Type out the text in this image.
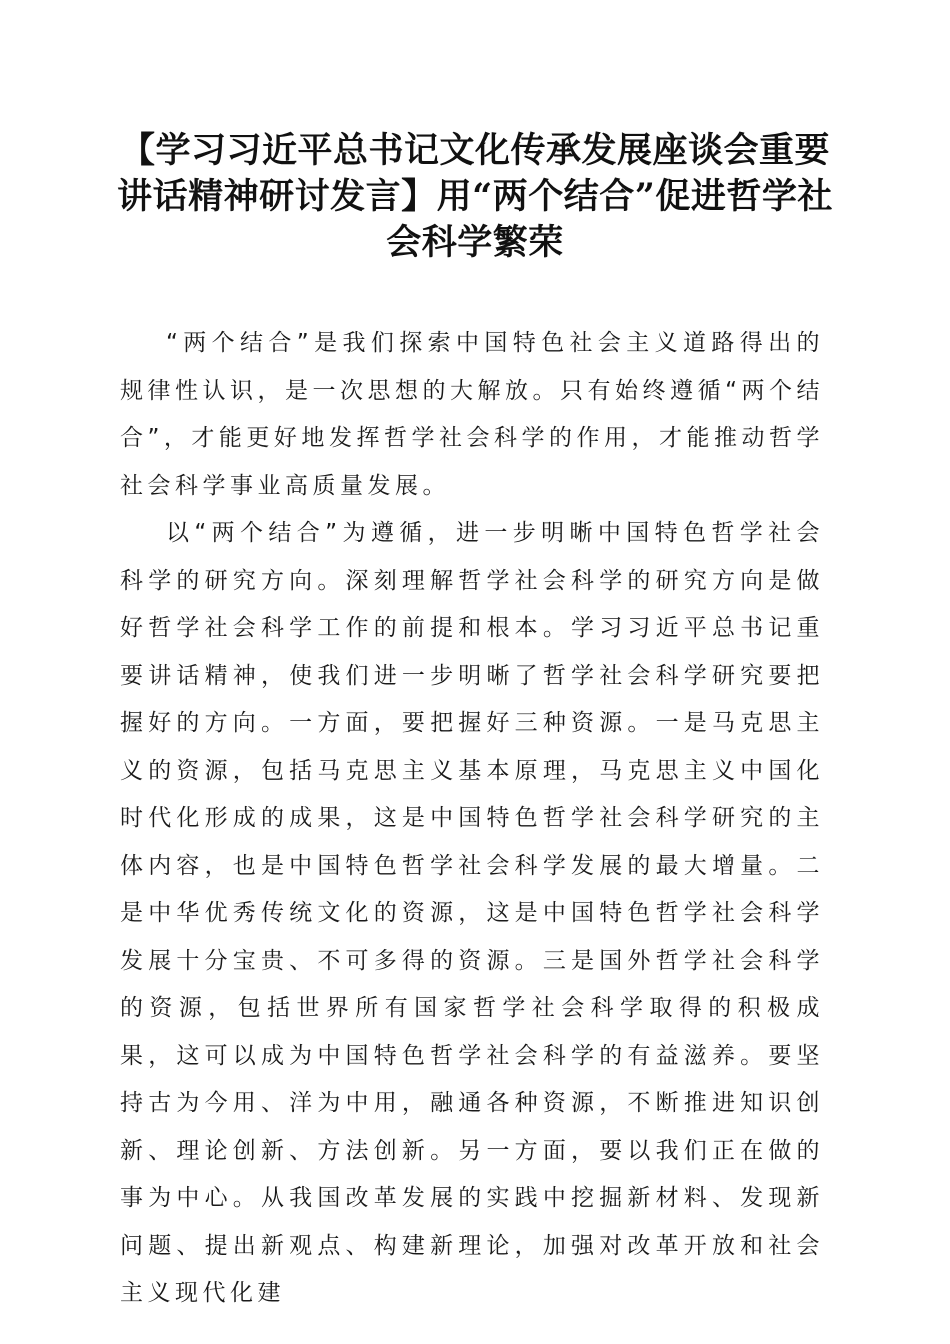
【学习习近平总书记文化传承发展座谈会重要讲话精神研讨发言】用“两个结合”促进哲学社会科学繁荣

“两个结合”是我们探索中国特色社会主义道路得出的规律性认识，是一次思想的大解放。只有始终遵循“两个结合”，才能更好地发挥哲学社会科学的作用，才能推动哲学社会科学事业高质量发展。

以“两个结合”为遵循，进一步明晰中国特色哲学社会科学的研究方向。深刻理解哲学社会科学的研究方向是做好哲学社会科学工作的前提和根本。学习习近平总书记重要讲话精神，使我们进一步明晰了哲学社会科学研究要把握好的方向。一方面，要把握好三种资源。一是马克思主义的资源，包括马克思主义基本原理，马克思主义中国化时代化形成的成果，这是中国特色哲学社会科学研究的主体内容，也是中国特色哲学社会科学发展的最大增量。二是中华优秀传统文化的资源，这是中国特色哲学社会科学发展十分宝贵、不可多得的资源。三是国外哲学社会科学的资源，包括世界所有国家哲学社会科学取得的积极成果，这可以成为中国特色哲学社会科学的有益滋养。要坚持古为今用、洋为中用，融通各种资源，不断推进知识创新、理论创新、方法创新。另一方面，要以我们正在做的事为中心。从我国改革发展的实践中挖掘新材料、发现新问题、提出新观点、构建新理论，加强对改革开放和社会主义现代化建
